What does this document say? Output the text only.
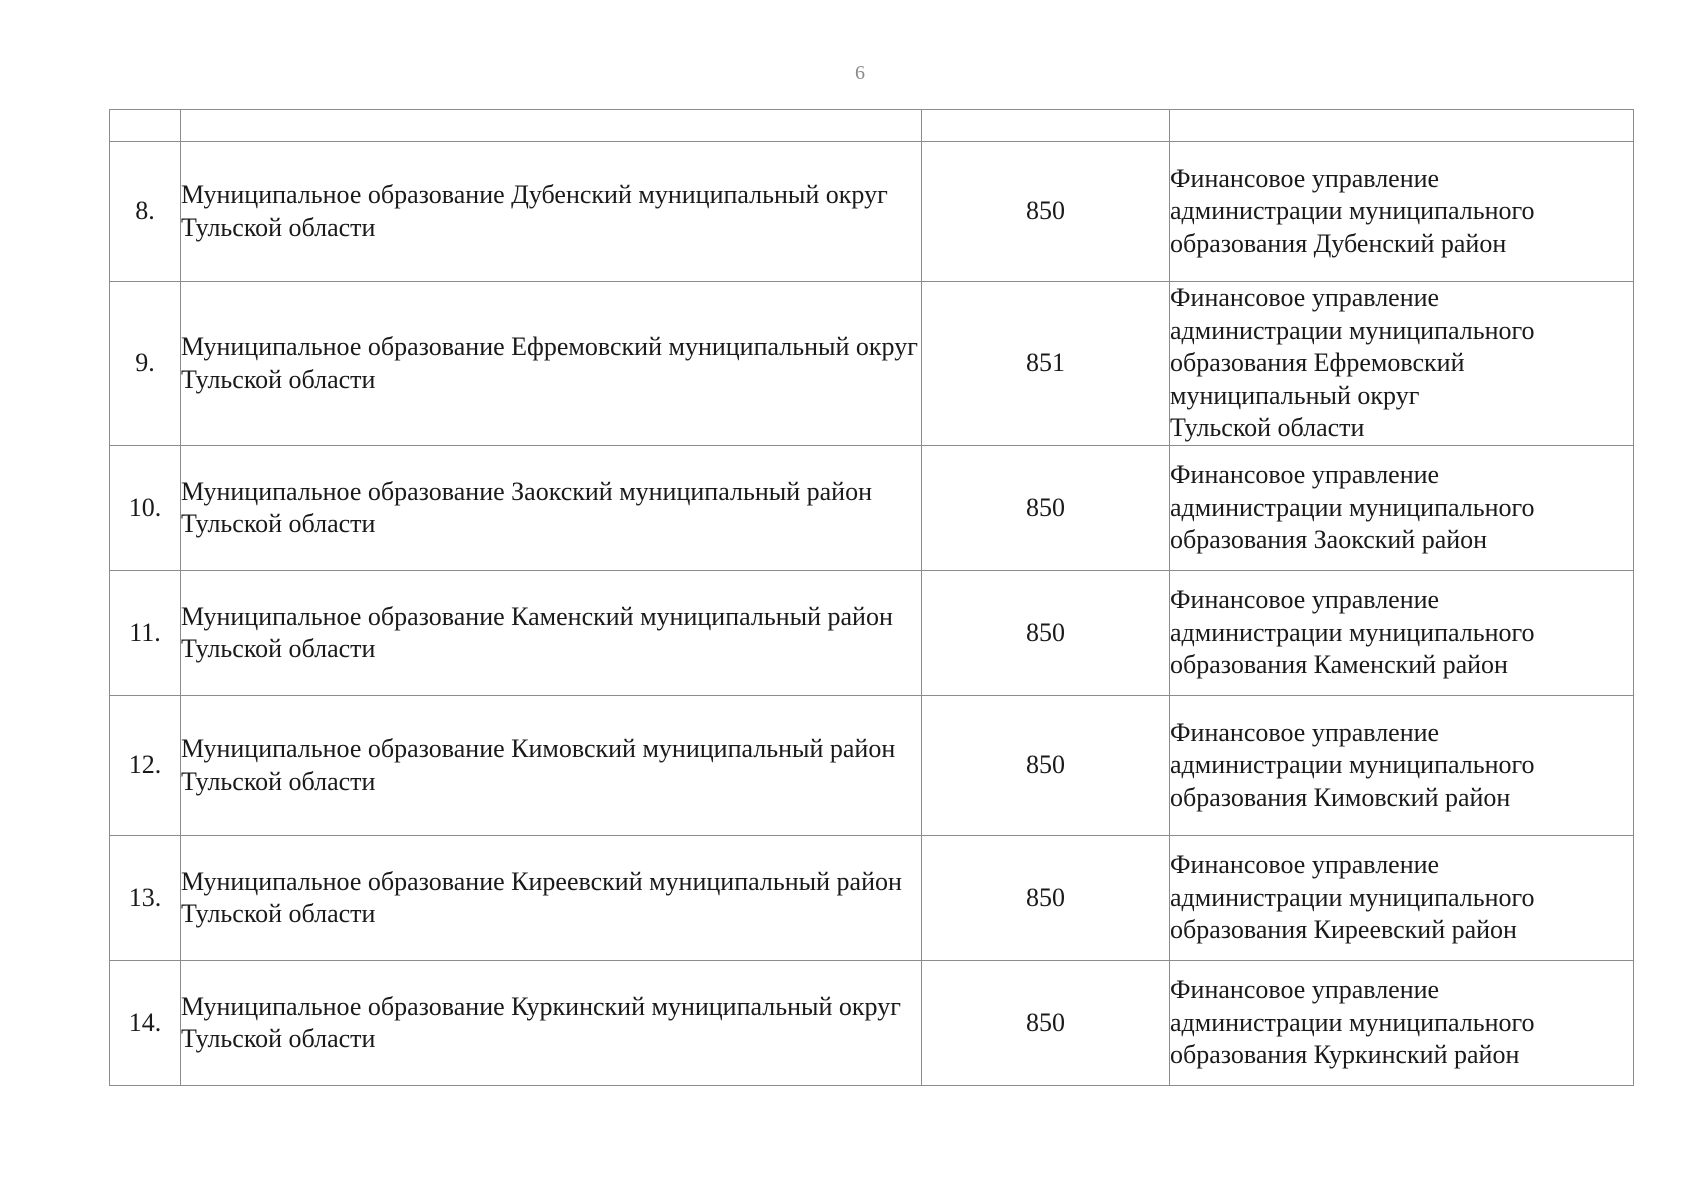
6

8.	Муниципальное образование Дубенский муниципальный округ Тульской области	850	Финансовое управление
администрации муниципального
образования Дубенский район

9.	Муниципальное образование Ефремовский муниципальный округ Тульской области	851	Финансовое управление
администрации муниципального
образования Ефремовский
муниципальный округ
Тульской области

10.	Муниципальное образование Заокский муниципальный район Тульской области	850	Финансовое управление
администрации муниципального
образования Заокский район

11.	Муниципальное образование Каменский муниципальный район Тульской области	850	Финансовое управление
администрации муниципального
образования Каменский район

12.	Муниципальное образование Кимовский муниципальный район Тульской области	850	Финансовое управление
администрации муниципального
образования Кимовский район

13.	Муниципальное образование Киреевский муниципальный район Тульской области	850	Финансовое управление
администрации муниципального
образования Киреевский район

14.	Муниципальное образование Куркинский муниципальный округ Тульской области	850	Финансовое управление
администрации муниципального
образования Куркинский район
